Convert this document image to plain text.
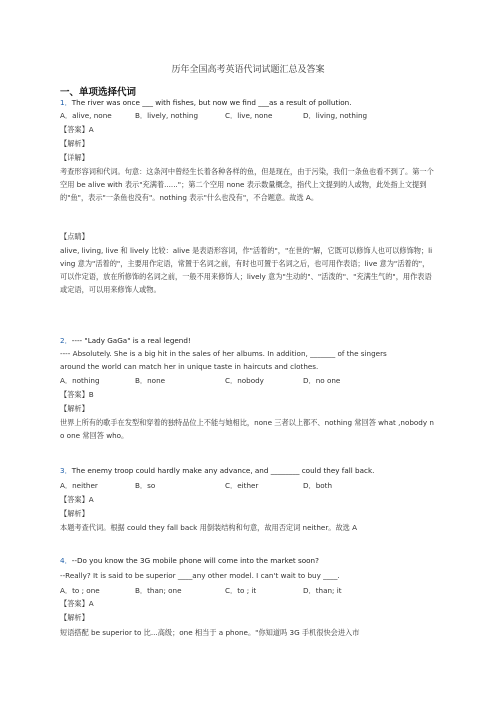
历年全国高考英语代词试题汇总及答案
一、单项选择代词
1．The river was once ___ with fishes, but now we find ___as a result of pollution.
A．alive, none	B．lively, nothing	C．live, none	D．living, nothing
【答案】A
【解析】
【详解】
考查形容词和代词。句意：这条河中曾经生长着各种各样的鱼，但是现在，由于污染，我们一条鱼也看不到了。第一个空用 be alive with 表示"充满着......"；第二个空用 none 表示数量概念，指代上文提到的人或物，此处指上文提到的"鱼"，表示"一条鱼也没有"。nothing 表示"什么也没有"，不合题意。故选 A。
【点睛】
alive, living, live 和 lively 比较：alive 是表语形容词，作"活着的"，"在世的"解，它既可以修饰人也可以修饰物；living 意为"活着的"，主要用作定语，常置于名词之前，有时也可置于名词之后，也可用作表语；live 意为"活着的"，可以作定语，放在所修饰的名词之前，一般不用来修饰人；lively 意为"生动的"、"活泼的"、"充满生气的"，用作表语或定语，可以用来修饰人或物。
2．---- "Lady GaGa" is a real legend!
---- Absolutely. She is a big hit in the sales of her albums. In addition, _______ of the singers
around the world can match her in unique taste in haircuts and clothes.
A．nothing	B．none	C．nobody	D．no one
【答案】B
【解析】
世界上所有的歌手在发型和穿着的独特品位上不能与她相比，none 三者以上都不、nothing 常回答 what ,nobody no one 常回答 who。
3．The enemy troop could hardly make any advance, and ________ could they fall back.
A．neither	B．so	C．either	D．both
【答案】A
【解析】
本题考查代词。根据 could they fall back 用倒装结构和句意，故用否定词 neither。故选 A
4．--Do you know the 3G mobile phone will come into the market soon?
--Really? It is said to be superior ____any other model. I can't wait to buy ____.
A．to ; one	B．than; one	C．to ; it	D．than; it
【答案】A
【解析】
短语搭配 be superior to 比...高级；one 相当于 a phone。"你知道吗 3G 手机很快会进入市
